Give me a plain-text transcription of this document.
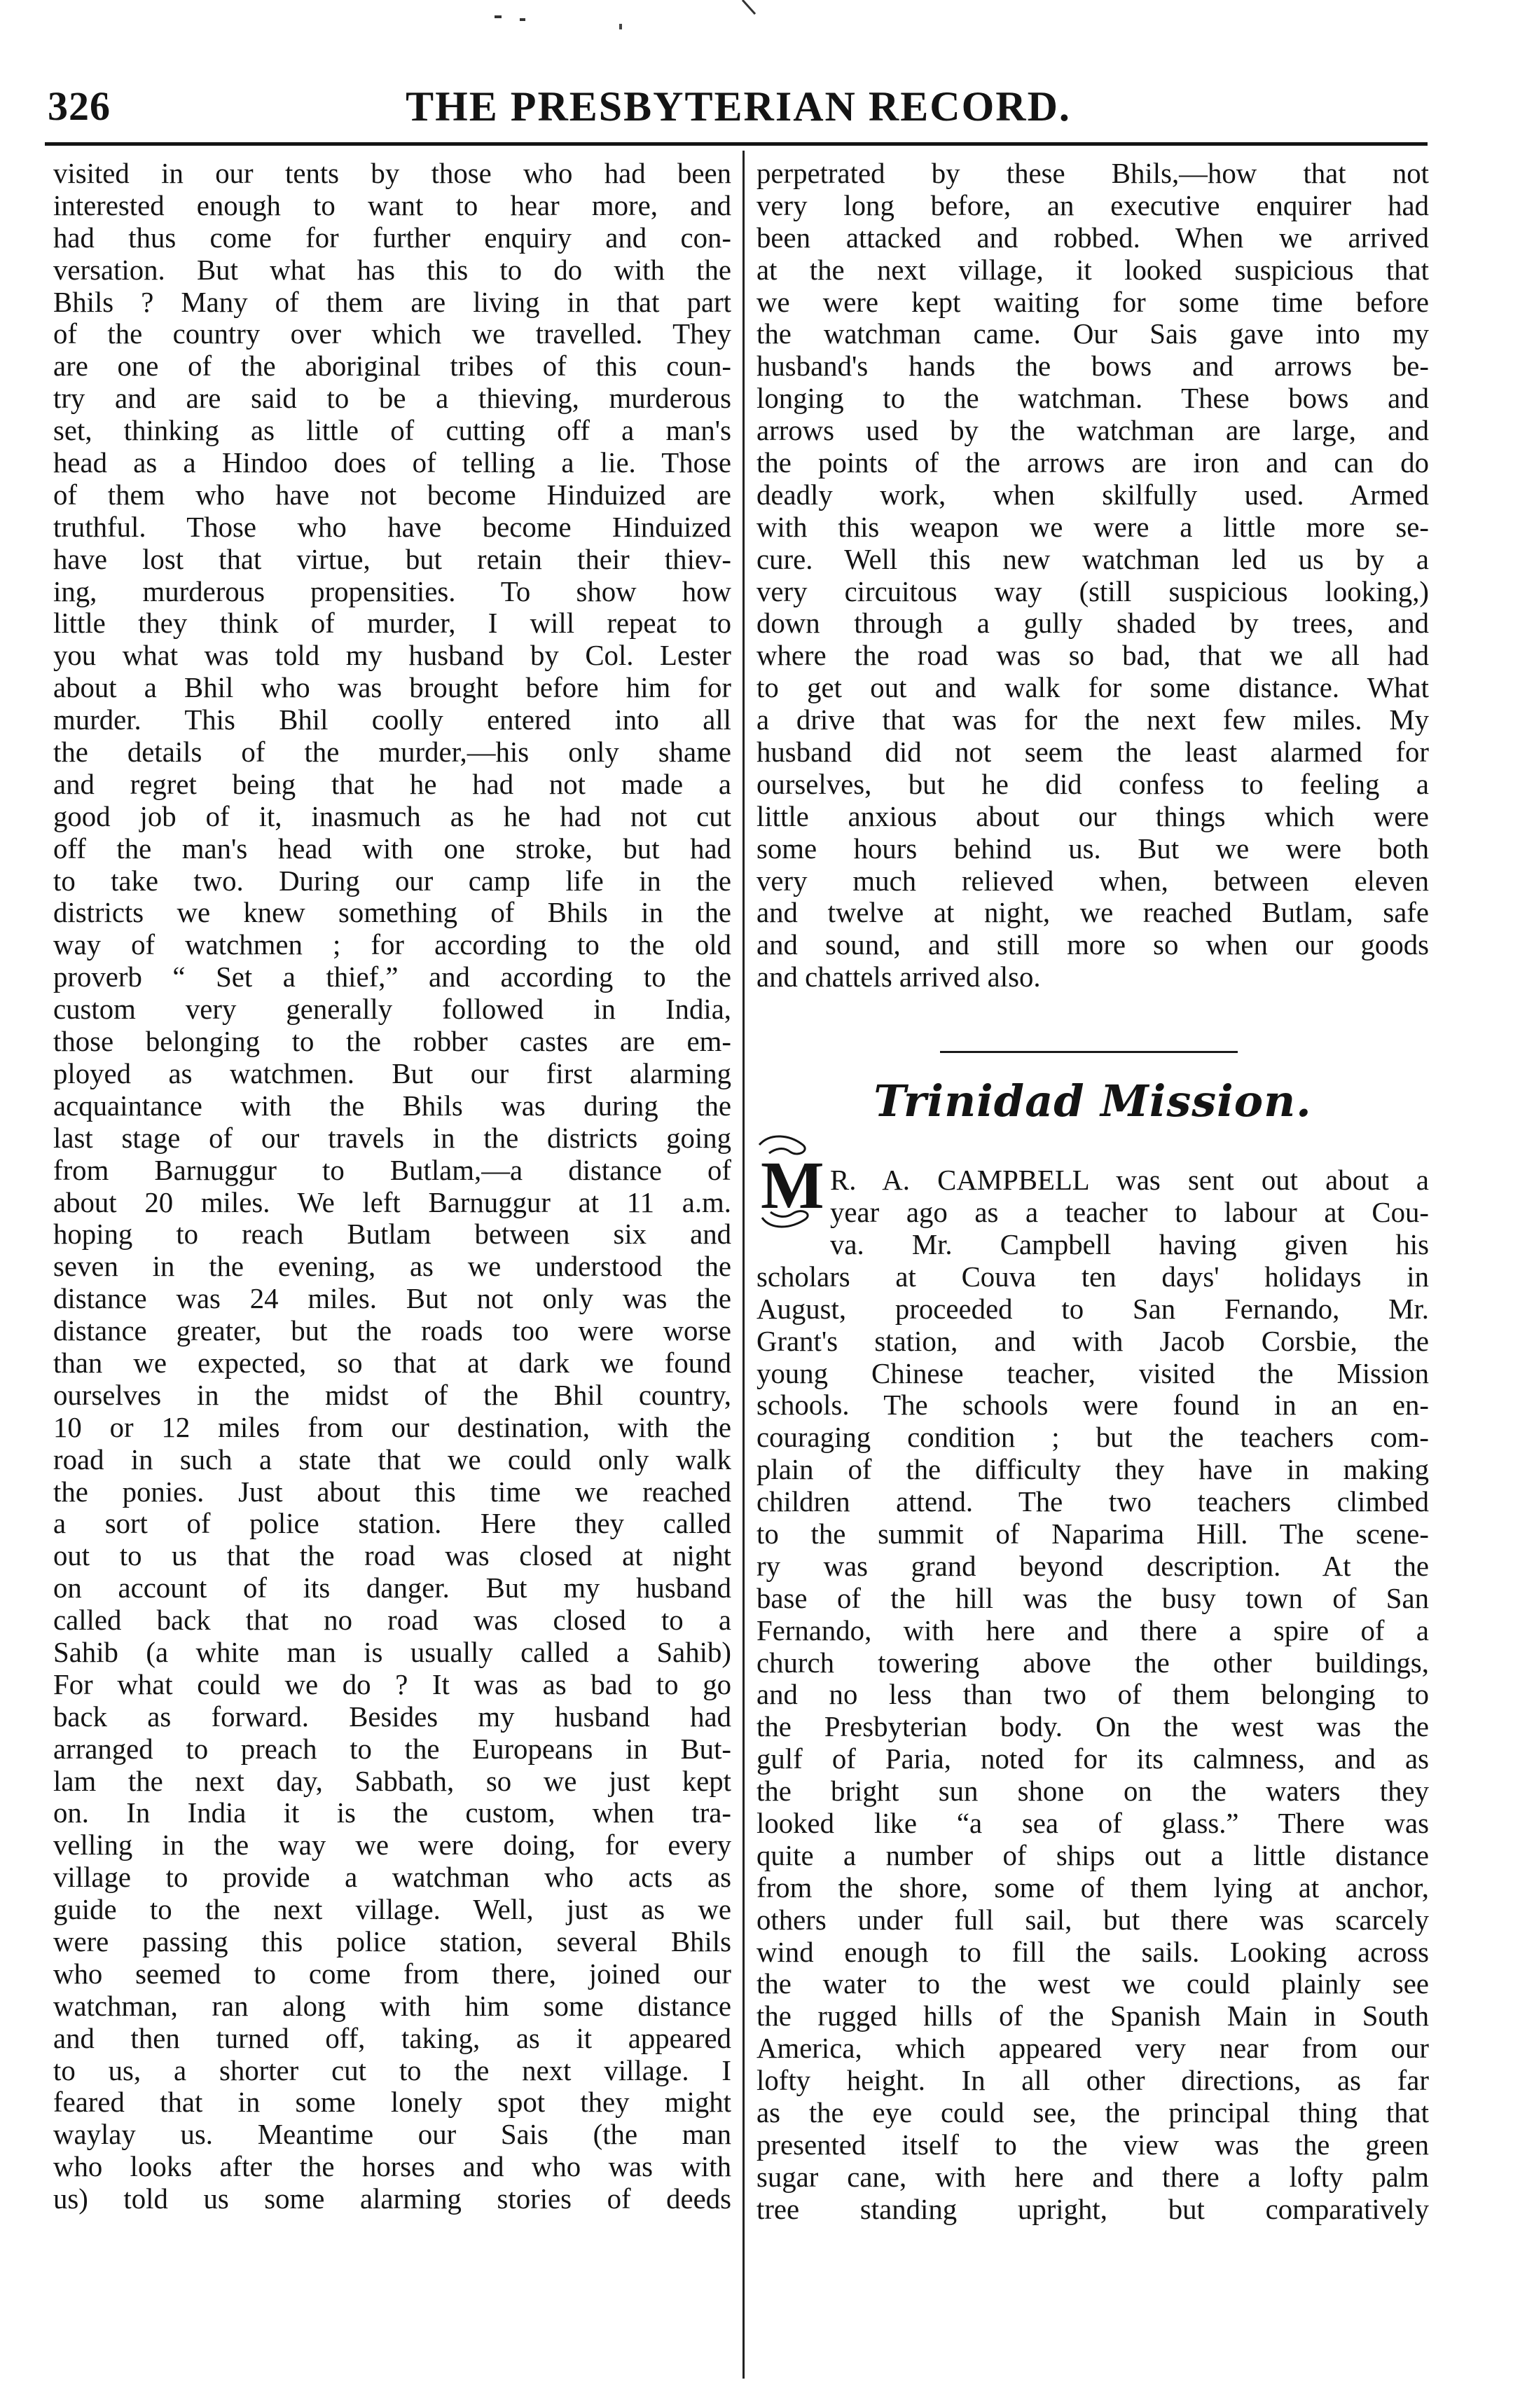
326	THE PRESBYTERIAN RECORD.
visited in our tents by those who had been
interested enough to want to hear more, and
had thus come for further enquiry and con-
versation. But what has this to do with the
Bhils ? Many of them are living in that part
of the country over which we travelled. They
are one of the aboriginal tribes of this coun-
try and are said to be a thieving, murderous
set, thinking as little of cutting off a man's
head as a Hindoo does of telling a lie. Those
of them who have not become Hinduized are
truthful. Those who have become Hinduized
have lost that virtue, but retain their thiev-
ing, murderous propensities. To show how
little they think of murder, I will repeat to
you what was told my husband by Col. Lester
about a Bhil who was brought before him for
murder. This Bhil coolly entered into all
the details of the murder,—his only shame
and regret being that he had not made a
good job of it, inasmuch as he had not cut
off the man's head with one stroke, but had
to take two. During our camp life in the
districts we knew something of Bhils in the
way of watchmen ; for according to the old
proverb “ Set a thief,” and according to the
custom very generally followed in India,
those belonging to the robber castes are em-
ployed as watchmen. But our first alarming
acquaintance with the Bhils was during the
last stage of our travels in the districts going
from Barnuggur to Butlam,—a distance of
about 20 miles. We left Barnuggur at 11 a.m.
hoping to reach Butlam between six and
seven in the evening, as we understood the
distance was 24 miles. But not only was the
distance greater, but the roads too were worse
than we expected, so that at dark we found
ourselves in the midst of the Bhil country,
10 or 12 miles from our destination, with the
road in such a state that we could only walk
the ponies. Just about this time we reached
a sort of police station. Here they called
out to us that the road was closed at night
on account of its danger. But my husband
called back that no road was closed to a
Sahib (a white man is usually called a Sahib)
For what could we do ? It was as bad to go
back as forward. Besides my husband had
arranged to preach to the Europeans in But-
lam the next day, Sabbath, so we just kept
on. In India it is the custom, when tra-
velling in the way we were doing, for every
village to provide a watchman who acts as
guide to the next village. Well, just as we
were passing this police station, several Bhils
who seemed to come from there, joined our
watchman, ran along with him some distance
and then turned off, taking, as it appeared
to us, a shorter cut to the next village. I
feared that in some lonely spot they might
waylay us. Meantime our Sais (the man
who looks after the horses and who was with
us) told us some alarming stories of deeds
perpetrated by these Bhils,—how that not
very long before, an executive enquirer had
been attacked and robbed. When we arrived
at the next village, it looked suspicious that
we were kept waiting for some time before
the watchman came. Our Sais gave into my
husband's hands the bows and arrows be-
longing to the watchman. These bows and
arrows used by the watchman are large, and
the points of the arrows are iron and can do
deadly work, when skilfully used. Armed
with this weapon we were a little more se-
cure. Well this new watchman led us by a
very circuitous way (still suspicious looking,)
down through a gully shaded by trees, and
where the road was so bad, that we all had
to get out and walk for some distance. What
a drive that was for the next few miles. My
husband did not seem the least alarmed for
ourselves, but he did confess to feeling a
little anxious about our things which were
some hours behind us. But we were both
very much relieved when, between eleven
and twelve at night, we reached Butlam, safe
and sound, and still more so when our goods
and chattels arrived also.
Trinidad Mission.
M R. A. CAMPBELL was sent out about a
year ago as a teacher to labour at Cou-
va. Mr. Campbell having given his
scholars at Couva ten days' holidays in
August, proceeded to San Fernando, Mr.
Grant's station, and with Jacob Corsbie, the
young Chinese teacher, visited the Mission
schools. The schools were found in an en-
couraging condition ; but the teachers com-
plain of the difficulty they have in making
children attend. The two teachers climbed
to the summit of Naparima Hill. The scene-
ry was grand beyond description. At the
base of the hill was the busy town of San
Fernando, with here and there a spire of a
church towering above the other buildings,
and no less than two of them belonging to
the Presbyterian body. On the west was the
gulf of Paria, noted for its calmness, and as
the bright sun shone on the waters they
looked like “a sea of glass.” There was
quite a number of ships out a little distance
from the shore, some of them lying at anchor,
others under full sail, but there was scarcely
wind enough to fill the sails. Looking across
the water to the west we could plainly see
the rugged hills of the Spanish Main in South
America, which appeared very near from our
lofty height. In all other directions, as far
as the eye could see, the principal thing that
presented itself to the view was the green
sugar cane, with here and there a lofty palm
tree standing upright, but comparatively
